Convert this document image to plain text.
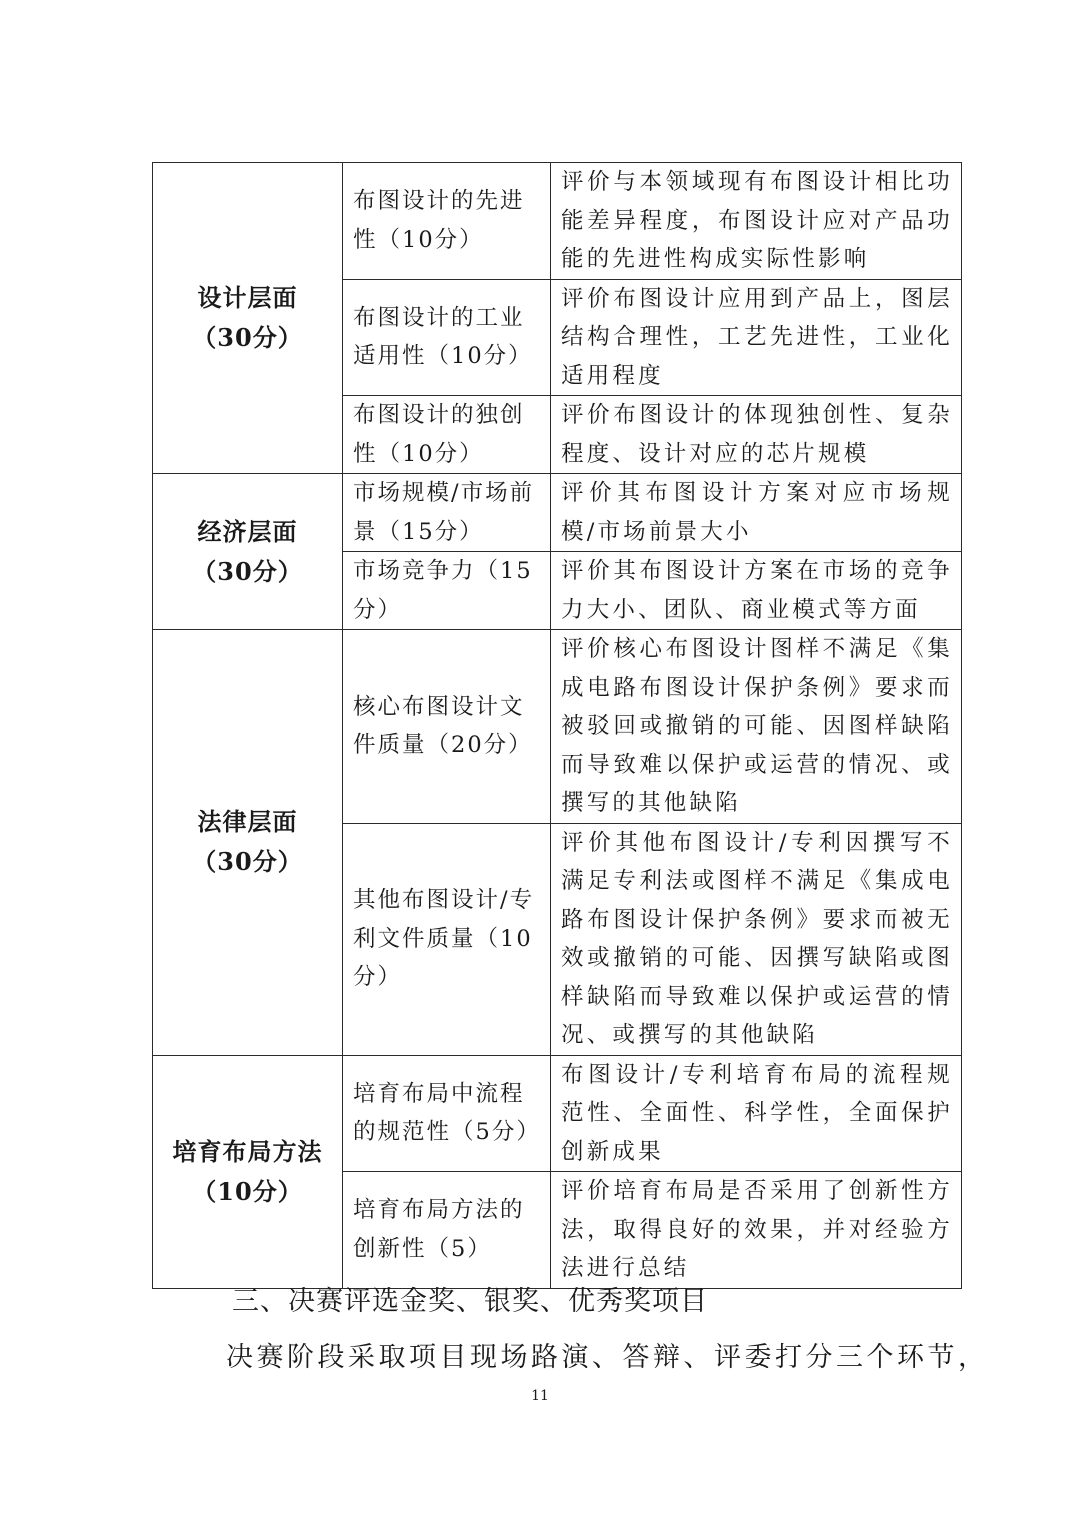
设计层面
（30分）	布图设计的先进性（10分）	评价与本领域现有布图设计相比功能差异程度，布图设计应对产品功能的先进性构成实际性影响
	布图设计的工业适用性（10分）	评价布图设计应用到产品上，图层结构合理性，工艺先进性，工业化适用程度
	布图设计的独创性（10分）	评价布图设计的体现独创性、复杂程度、设计对应的芯片规模

经济层面
（30分）	市场规模/市场前景（15分）	评价其布图设计方案对应市场规模/市场前景大小
	市场竞争力（15分）	评价其布图设计方案在市场的竞争力大小、团队、商业模式等方面

法律层面
（30分）	核心布图设计文件质量（20分）	评价核心布图设计图样不满足《集成电路布图设计保护条例》要求而被驳回或撤销的可能、因图样缺陷而导致难以保护或运营的情况、或撰写的其他缺陷
	其他布图设计/专利文件质量（10分）	评价其他布图设计/专利因撰写不满足专利法或图样不满足《集成电路布图设计保护条例》要求而被无效或撤销的可能、因撰写缺陷或图样缺陷而导致难以保护或运营的情况、或撰写的其他缺陷

培育布局方法
（10分）	培育布局中流程的规范性（5分）	布图设计/专利培育布局的流程规范性、全面性、科学性，全面保护创新成果
	培育布局方法的创新性（5）	评价培育布局是否采用了创新性方法，取得良好的效果，并对经验方法进行总结
三、决赛评选金奖、银奖、优秀奖项目
决赛阶段采取项目现场路演、答辩、评委打分三个环节，
11
